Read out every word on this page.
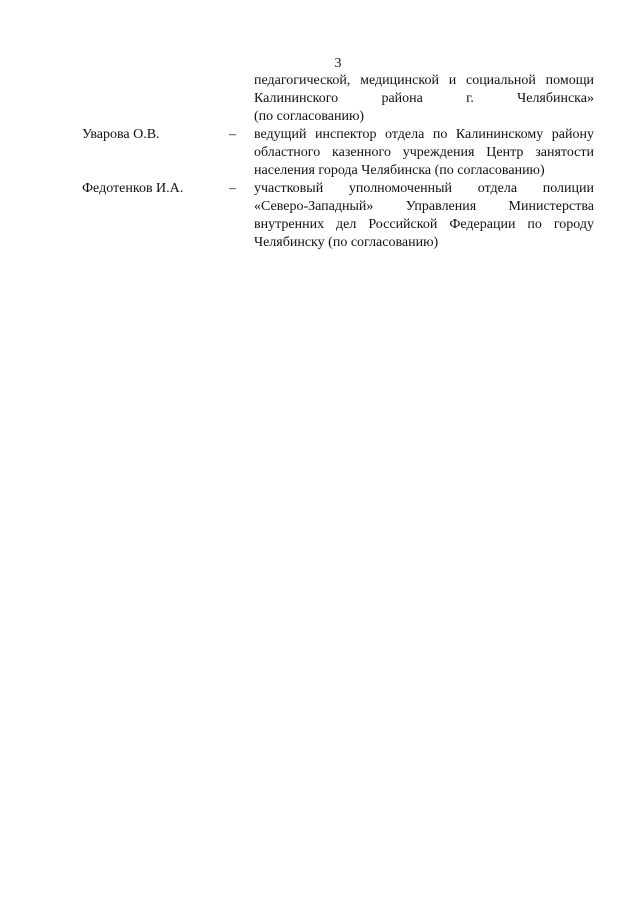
3
педагогической, медицинской и социальной помощи
Калининского района г. Челябинска»
(по согласованию)
Уварова О.В.	– ведущий инспектор отдела по Калининскому району
областного казенного учреждения Центр занятости
населения города Челябинска (по согласованию)
Федотенков И.А.	– участковый уполномоченный отдела полиции
«Северо-Западный» Управления Министерства
внутренних дел Российской Федерации по городу
Челябинску (по согласованию)
